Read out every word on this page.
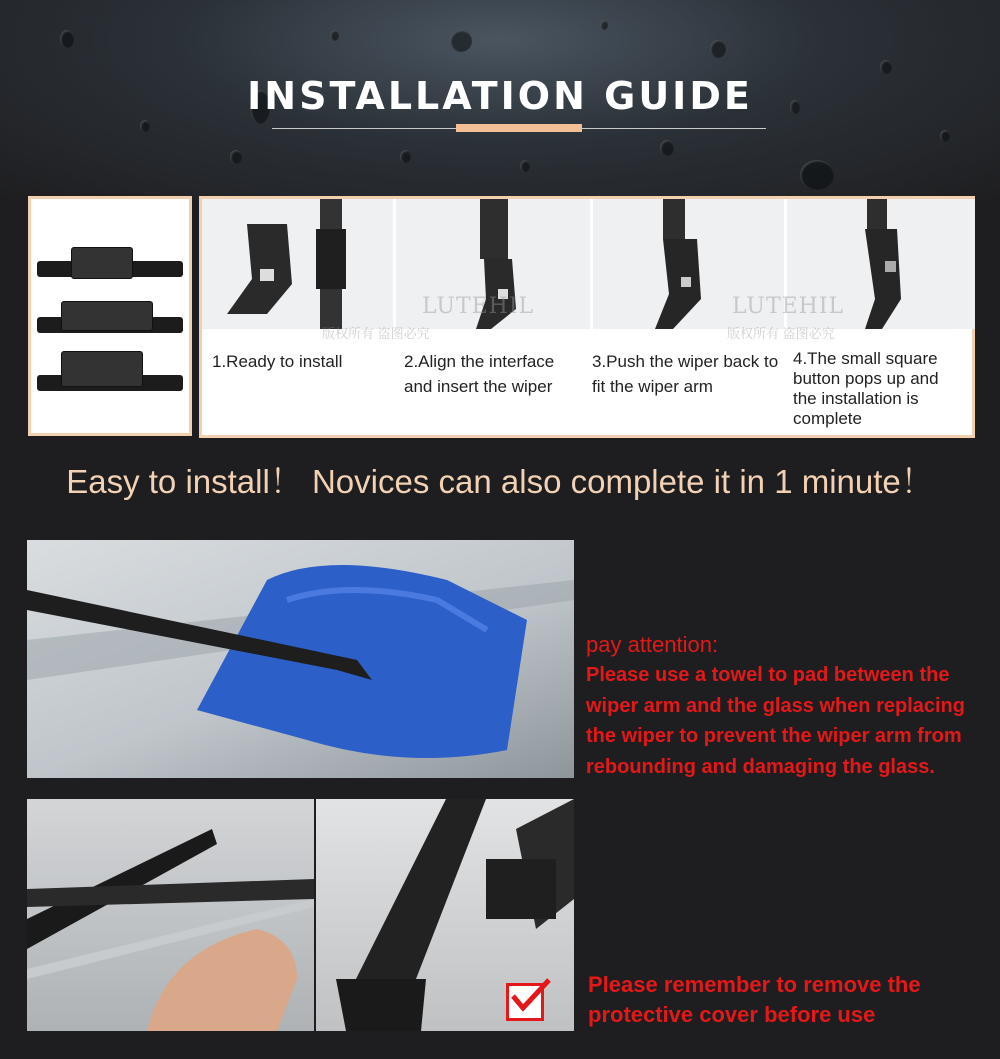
INSTALLATION GUIDE
LUTEHIL
版权所有 盗图必究
LUTEHIL
版权所有 盗图必究
1.Ready to install	2.Align the interface and insert the wiper
3.Push the wiper back to fit the wiper arm
4.The small square button pops up and the installation is complete
Easy to install！ Novices can also complete it in 1 minute！
pay attention:
Please use a towel to pad between the wiper arm and the glass when replacing the wiper to prevent the wiper arm from rebounding and damaging the glass.
Please remember to remove the protective cover before use
